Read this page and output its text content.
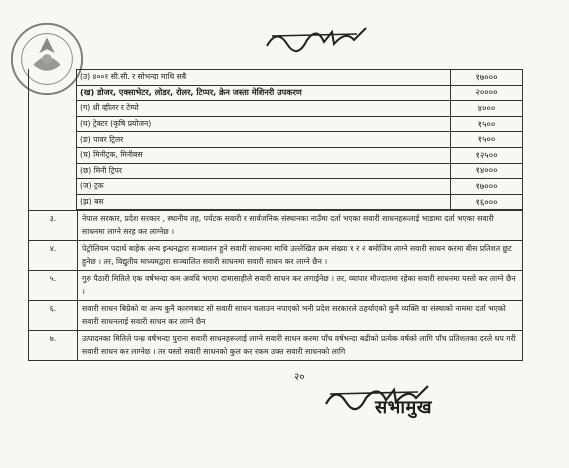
(उ) ४००१ सी.सी. र सोभन्दा माथि सबै	१७०००
(ख) डोजर, एक्साभेटर, लोडर, रोलर, टिप्पर, क्रेन जस्ता मेशिनरी उपकरण	२००००
(ग) थ्री व्हीलर र टेम्पो	४०००
(घ) ट्रेक्टर (कृषि प्रयोजन)	१५००
(ङ) पावर ट्रिलर	१५००
(च) मिनीट्रक, मिनीबस	१२५००
(छ) मिनी ट्रिपर	१४०००
(ज) ट्रक	१७०००
(झ) बस	१६०००
३.	नेपाल सरकार, प्रदेश सरकार , स्थानीय तह, पर्यटक सवारी र सार्वजनिक संस्थानका नाउँमा दर्ता भएका सवारी साधनहरूलाई भाडामा दर्ता भएका सवारी साधनमा लाग्ने सरह कर लाग्नेछ ।
४.	पेट्रोलियम पदार्थ बाहेक अन्य इन्धनद्वारा सञ्चालन हुने सवारी साधनमा माथि उल्लेखित क्रम संख्या १ र २ बमोजिम लाग्ने सवारी साधन करमा बीस प्रतिशत छुट हुनेछ । तर, विद्युतीय माध्यमद्वारा सञ्चालित सवारी साधनमा सवारी साधन कर लाग्ने छैन ।
५.	गुरु पैठारी मितिले एक वर्षभन्दा कम अवधि भएमा दामासाहीले सवारी साधन कर लगाईनेछ । तर, व्यापार मौज्दातमा रहेका सवारी साधनमा यस्तो कर लाग्ने छैन ।
६.	सवारी साधन बिग्रेको वा अन्य कुनै कारणबाट सो सवारी साधन चलाउन नपाएको भनी प्रदेश सरकारले ठहर्याएको कुनै व्यक्ति वा संस्थाको नाममा दर्ता भएको सवारी साधनलाई सवारी साधन कर लाग्ने छैन
७.	उत्पादनका मितिले पन्ध्र वर्षभन्दा पुराना सवारी साधनहरूलाई लाग्ने सवारी साधन करमा पाँच वर्षभन्दा बढीको प्रत्येक वर्षको लागि पाँच प्रतिशतका दरले थप गरी सवारी साधन कर लाग्नेछ । तर यस्तो सवारी साधनको कुल कर रकम उक्त सवारी साधनको लागि
२०
सभामुख
